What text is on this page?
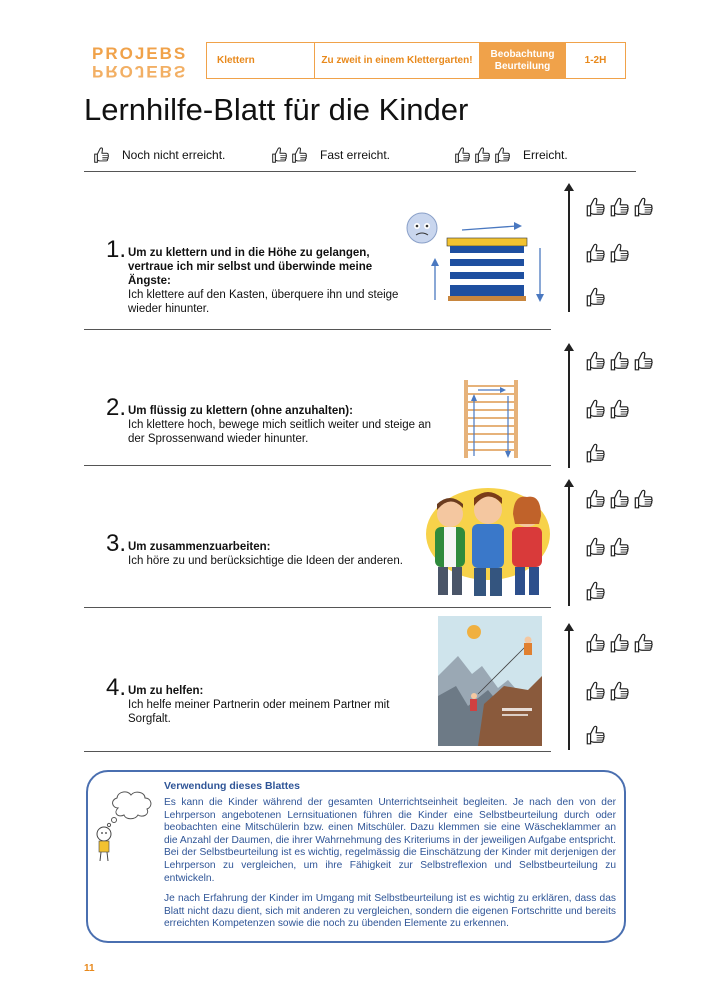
PROJEBS
PROJEBS
Klettern	Zu zweit in einem Klettergarten!
Beobachtung Beurteilung
1-2H
Lernhilfe-Blatt für die Kinder
Noch nicht erreicht.	Fast erreicht.	Erreicht.
1. Um zu klettern und in die Höhe zu gelangen, vertraue ich mir selbst und überwinde meine Ängste:
Ich klettere auf den Kasten, überquere ihn und steige wieder hinunter.
2. Um flüssig zu klettern (ohne anzuhalten):
Ich klettere hoch, bewege mich seitlich weiter und steige an der Sprossenwand wieder hinunter.
3. Um zusammenzuarbeiten:
Ich höre zu und berücksichtige die Ideen der anderen.
4. Um zu helfen:
Ich helfe meiner Partnerin oder meinem Partner mit Sorgfalt.
Verwendung dieses Blattes
Es kann die Kinder während der gesamten Unterrichtseinheit begleiten. Je nach den von der Lehrperson angebotenen Lernsituationen führen die Kinder eine Selbstbeurteilung durch oder beobachten eine Mitschülerin bzw. einen Mitschüler. Dazu klemmen sie eine Wäscheklammer an die Anzahl der Daumen, die ihrer Wahrnehmung des Kriteriums in der jeweiligen Aufgabe entspricht. Bei der Selbstbeurteilung ist es wichtig, regelmässig die Einschätzung der Kinder mit derjenigen der Lehrperson zu vergleichen, um ihre Fähigkeit zur Selbstreflexion und Selbstbeurteilung zu entwickeln.
Je nach Erfahrung der Kinder im Umgang mit Selbstbeurteilung ist es wichtig zu erklären, dass das Blatt nicht dazu dient, sich mit anderen zu vergleichen, sondern die eigenen Fortschritte und bereits erreichten Kompetenzen sowie die noch zu übenden Elemente zu erkennen.
11
